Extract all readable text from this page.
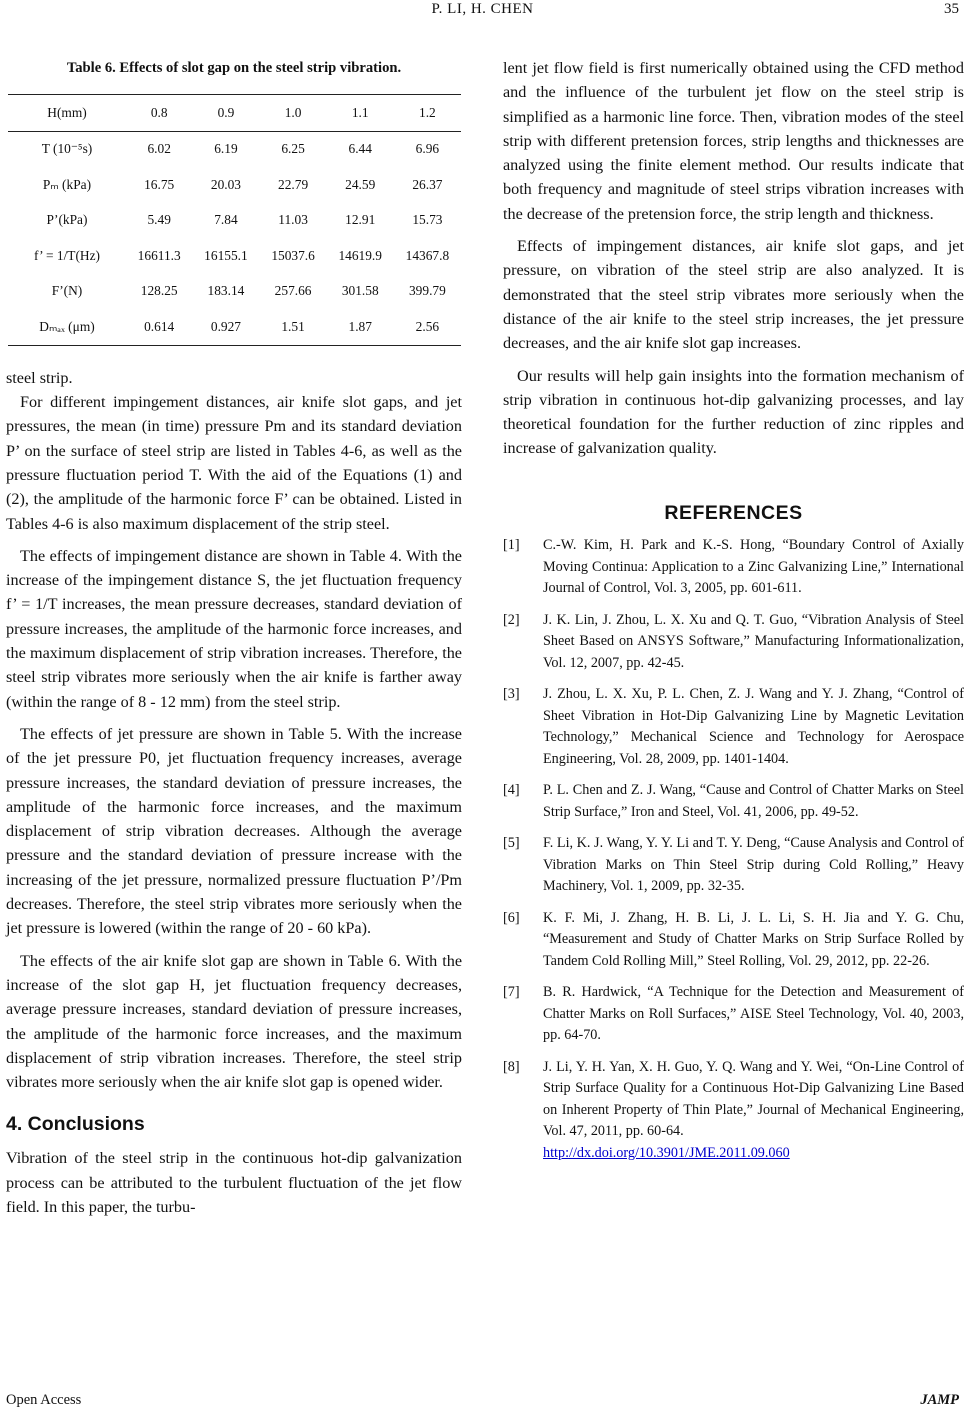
P. LI, H. CHEN	35
Table 6. Effects of slot gap on the steel strip vibration.
H(mm)	0.8	0.9	1.0	1.1	1.2
T (10⁻⁵s)	6.02	6.19	6.25	6.44	6.96
Pₘ (kPa)	16.75	20.03	22.79	24.59	26.37
P’(kPa)	5.49	7.84	11.03	12.91	15.73
f’ = 1/T(Hz)	16611.3	16155.1	15037.6	14619.9	14367.8
F’(N)	128.25	183.14	257.66	301.58	399.79
Dₘₐₓ (μm)	0.614	0.927	1.51	1.87	2.56

steel strip.

For different impingement distances, air knife slot gaps, and jet pressures, the mean (in time) pressure Pm and its standard deviation P’ on the surface of steel strip are listed in Tables 4-6, as well as the pressure fluctuation period T. With the aid of the Equations (1) and (2), the amplitude of the harmonic force F’ can be obtained. Listed in Tables 4-6 is also maximum displacement of the strip steel.

The effects of impingement distance are shown in Table 4. With the increase of the impingement distance S, the jet fluctuation frequency f’ = 1/T increases, the mean pressure decreases, standard deviation of pressure increases, the amplitude of the harmonic force increases, and the maximum displacement of strip vibration increases. Therefore, the steel strip vibrates more seriously when the air knife is farther away (within the range of 8 - 12 mm) from the steel strip.

The effects of jet pressure are shown in Table 5. With the increase of the jet pressure P0, jet fluctuation frequency increases, average pressure increases, the standard deviation of pressure increases, the amplitude of the harmonic force increases, and the maximum displacement of strip vibration decreases. Although the average pressure and the standard deviation of pressure increase with the increasing of the jet pressure, normalized pressure fluctuation P’/Pm decreases. Therefore, the steel strip vibrates more seriously when the jet pressure is lowered (within the range of 20 - 60 kPa).

The effects of the air knife slot gap are shown in Table 6. With the increase of the slot gap H, jet fluctuation frequency decreases, average pressure increases, standard deviation of pressure increases, the amplitude of the harmonic force increases, and the maximum displacement of strip vibration increases. Therefore, the steel strip vibrates more seriously when the air knife slot gap is opened wider.

4. Conclusions

Vibration of the steel strip in the continuous hot-dip galvanization process can be attributed to the turbulent fluctuation of the jet flow field. In this paper, the turbu-

lent jet flow field is first numerically obtained using the CFD method and the influence of the turbulent jet flow on the steel strip is simplified as a harmonic line force. Then, vibration modes of the steel strip with different pretension forces, strip lengths and thicknesses are analyzed using the finite element method. Our results indicate that both frequency and magnitude of steel strips vibration increases with the decrease of the pretension force, the strip length and thickness.

Effects of impingement distances, air knife slot gaps, and jet pressure, on vibration of the steel strip are also analyzed. It is demonstrated that the steel strip vibrates more seriously when the distance of the air knife to the steel strip increases, the jet pressure decreases, and the air knife slot gap increases.

Our results will help gain insights into the formation mechanism of strip vibration in continuous hot-dip galvanizing processes, and lay theoretical foundation for the further reduction of zinc ripples and increase of galvanization quality.

REFERENCES
[1]	C.-W. Kim, H. Park and K.-S. Hong, “Boundary Control of Axially Moving Continua: Application to a Zinc Galvanizing Line,” International Journal of Control, Vol. 3, 2005, pp. 601-611.
[2]	J. K. Lin, J. Zhou, L. X. Xu and Q. T. Guo, “Vibration Analysis of Steel Sheet Based on ANSYS Software,” Manufacturing Informationalization, Vol. 12, 2007, pp. 42-45.
[3]	J. Zhou, L. X. Xu, P. L. Chen, Z. J. Wang and Y. J. Zhang, “Control of Sheet Vibration in Hot-Dip Galvanizing Line by Magnetic Levitation Technology,” Mechanical Science and Technology for Aerospace Engineering, Vol. 28, 2009, pp. 1401-1404.
[4]	P. L. Chen and Z. J. Wang, “Cause and Control of Chatter Marks on Steel Strip Surface,” Iron and Steel, Vol. 41, 2006, pp. 49-52.
[5]	F. Li, K. J. Wang, Y. Y. Li and T. Y. Deng, “Cause Analysis and Control of Vibration Marks on Thin Steel Strip during Cold Rolling,” Heavy Machinery, Vol. 1, 2009, pp. 32-35.
[6]	K. F. Mi, J. Zhang, H. B. Li, J. L. Li, S. H. Jia and Y. G. Chu, “Measurement and Study of Chatter Marks on Strip Surface Rolled by Tandem Cold Rolling Mill,” Steel Rolling, Vol. 29, 2012, pp. 22-26.
[7]	B. R. Hardwick, “A Technique for the Detection and Measurement of Chatter Marks on Roll Surfaces,” AISE Steel Technology, Vol. 40, 2003, pp. 64-70.
[8]	J. Li, Y. H. Yan, X. H. Guo, Y. Q. Wang and Y. Wei, “On-Line Control of Strip Surface Quality for a Continuous Hot-Dip Galvanizing Line Based on Inherent Property of Thin Plate,” Journal of Mechanical Engineering, Vol. 47, 2011, pp. 60-64.
http://dx.doi.org/10.3901/JME.2011.09.060
Open Access	JAMP
